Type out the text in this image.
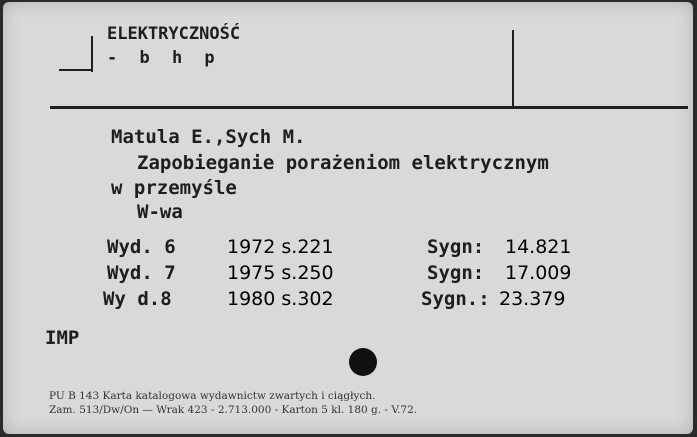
ELEKTRYCZNOŚĆ
- b h p
Matula E.,Sych M.
Zapobieganie porażeniom elektrycznym
w przemyśle
W-wa
Wyd. 6	1972 s.221	Sygn: 14.821
Wyd. 7	1975 s.250	Sygn: 17.009
Wy d.8	1980 s.302	Sygn.: 23.379
IMP
PU B 143 Karta katalogowa wydawnictw zwartych i ciągłych.
Zam. 513/Dw/On — Wrak 423 - 2.713.000 - Karton 5 kl. 180 g. - V.72.
